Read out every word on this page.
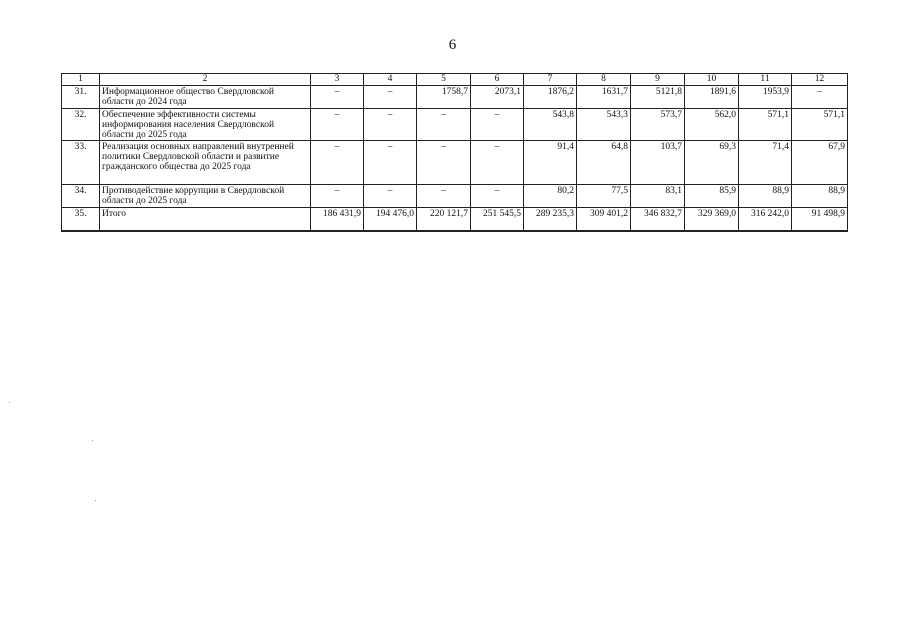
6
1	2	3	4	5	6	7	8	9	10	11	12
31.	Информационное общество Свердловской области до 2024 года	–	–	1758,7	2073,1	1876,2	1631,7	5121,8	1891,6	1953,9	–
32.	Обеспечение эффективности системы информирования населения Свердловской области до 2025 года	–	–	–	–	543,8	543,3	573,7	562,0	571,1	571,1
33.	Реализация основных направлений внутренней политики Свердловской области и развитие гражданского общества до 2025 года	–	–	–	–	91,4	64,8	103,7	69,3	71,4	67,9
34.	Противодействие коррупции в Свердловской области до 2025 года	–	–	–	–	80,2	77,5	83,1	85,9	88,9	88,9
35.	Итого	186 431,9	194 476,0	220 121,7	251 545,5	289 235,3	309 401,2	346 832,7	329 369,0	316 242,0	91 498,9
